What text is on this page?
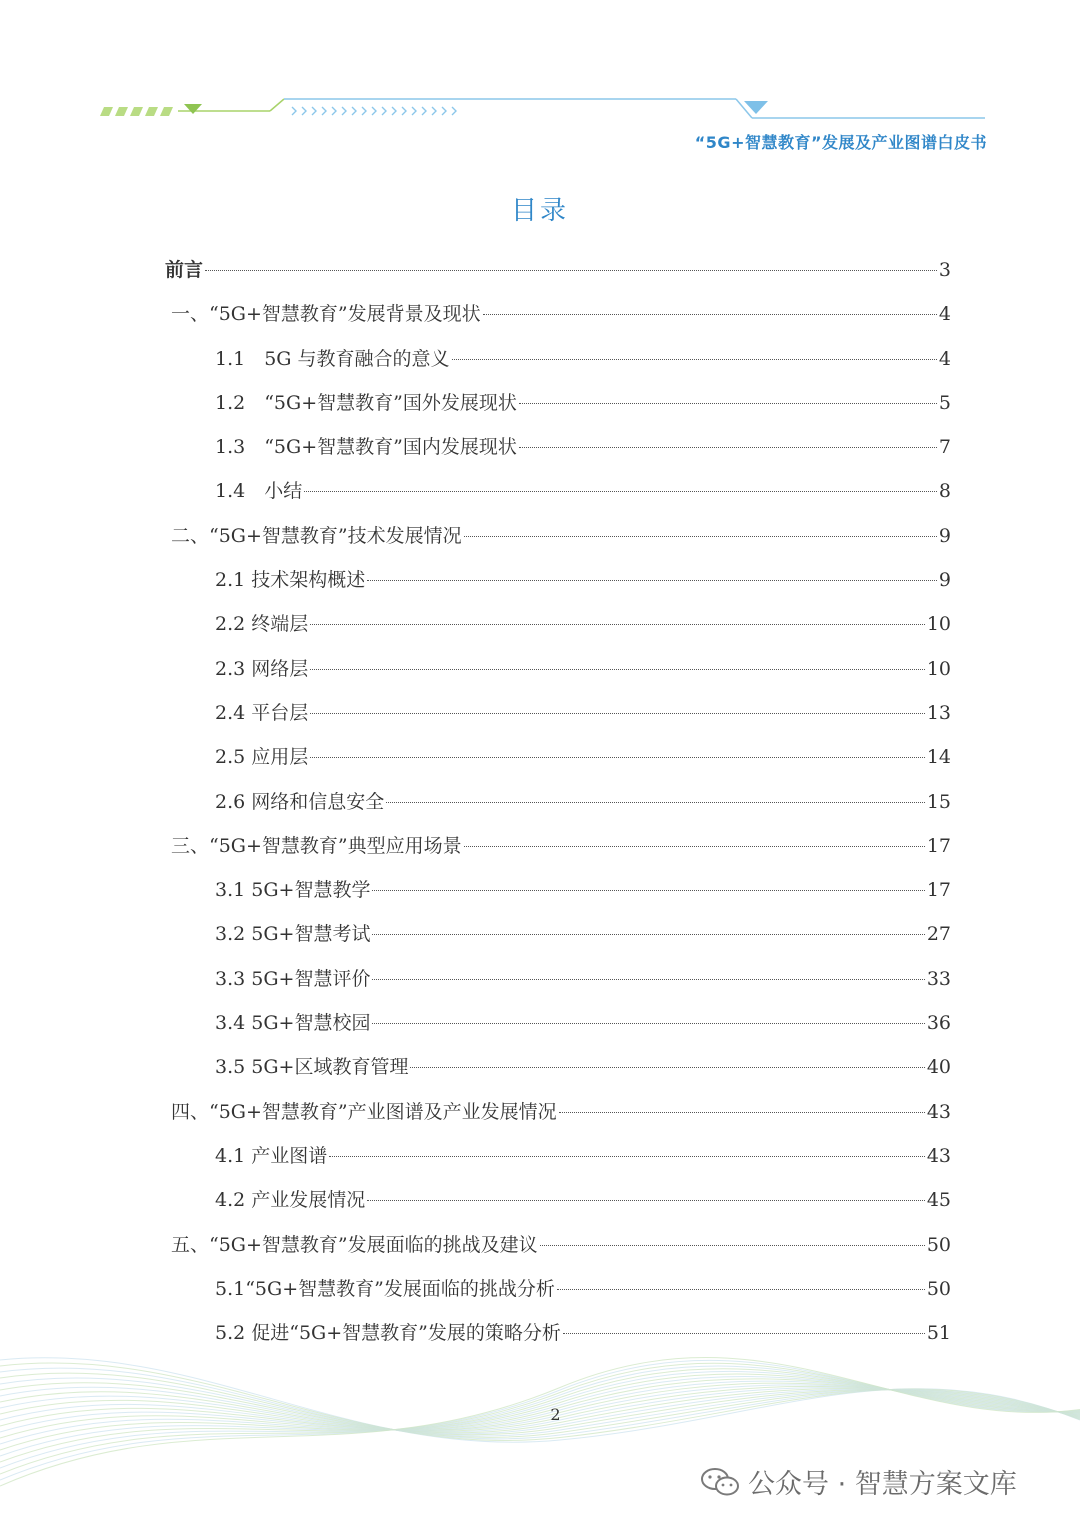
“5G+智慧教育”发展及产业图谱白皮书
目录
前言	3
一、“5G+智慧教育”发展背景及现状	4
1.1　5G 与教育融合的意义	4
1.2　“5G+智慧教育”国外发展现状	5
1.3　“5G+智慧教育”国内发展现状	7
1.4　小结	8
二、“5G+智慧教育”技术发展情况	9
2.1 技术架构概述	9
2.2 终端层	10
2.3 网络层	10
2.4 平台层	13
2.5 应用层	14
2.6 网络和信息安全	15
三、“5G+智慧教育”典型应用场景	17
3.1 5G+智慧教学	17
3.2 5G+智慧考试	27
3.3 5G+智慧评价	33
3.4 5G+智慧校园	36
3.5 5G+区域教育管理	40
四、“5G+智慧教育”产业图谱及产业发展情况	43
4.1 产业图谱	43
4.2 产业发展情况	45
五、“5G+智慧教育”发展面临的挑战及建议	50
5.1“5G+智慧教育”发展面临的挑战分析	50
5.2 促进“5G+智慧教育”发展的策略分析	51
2
公众号 · 智慧方案文库
